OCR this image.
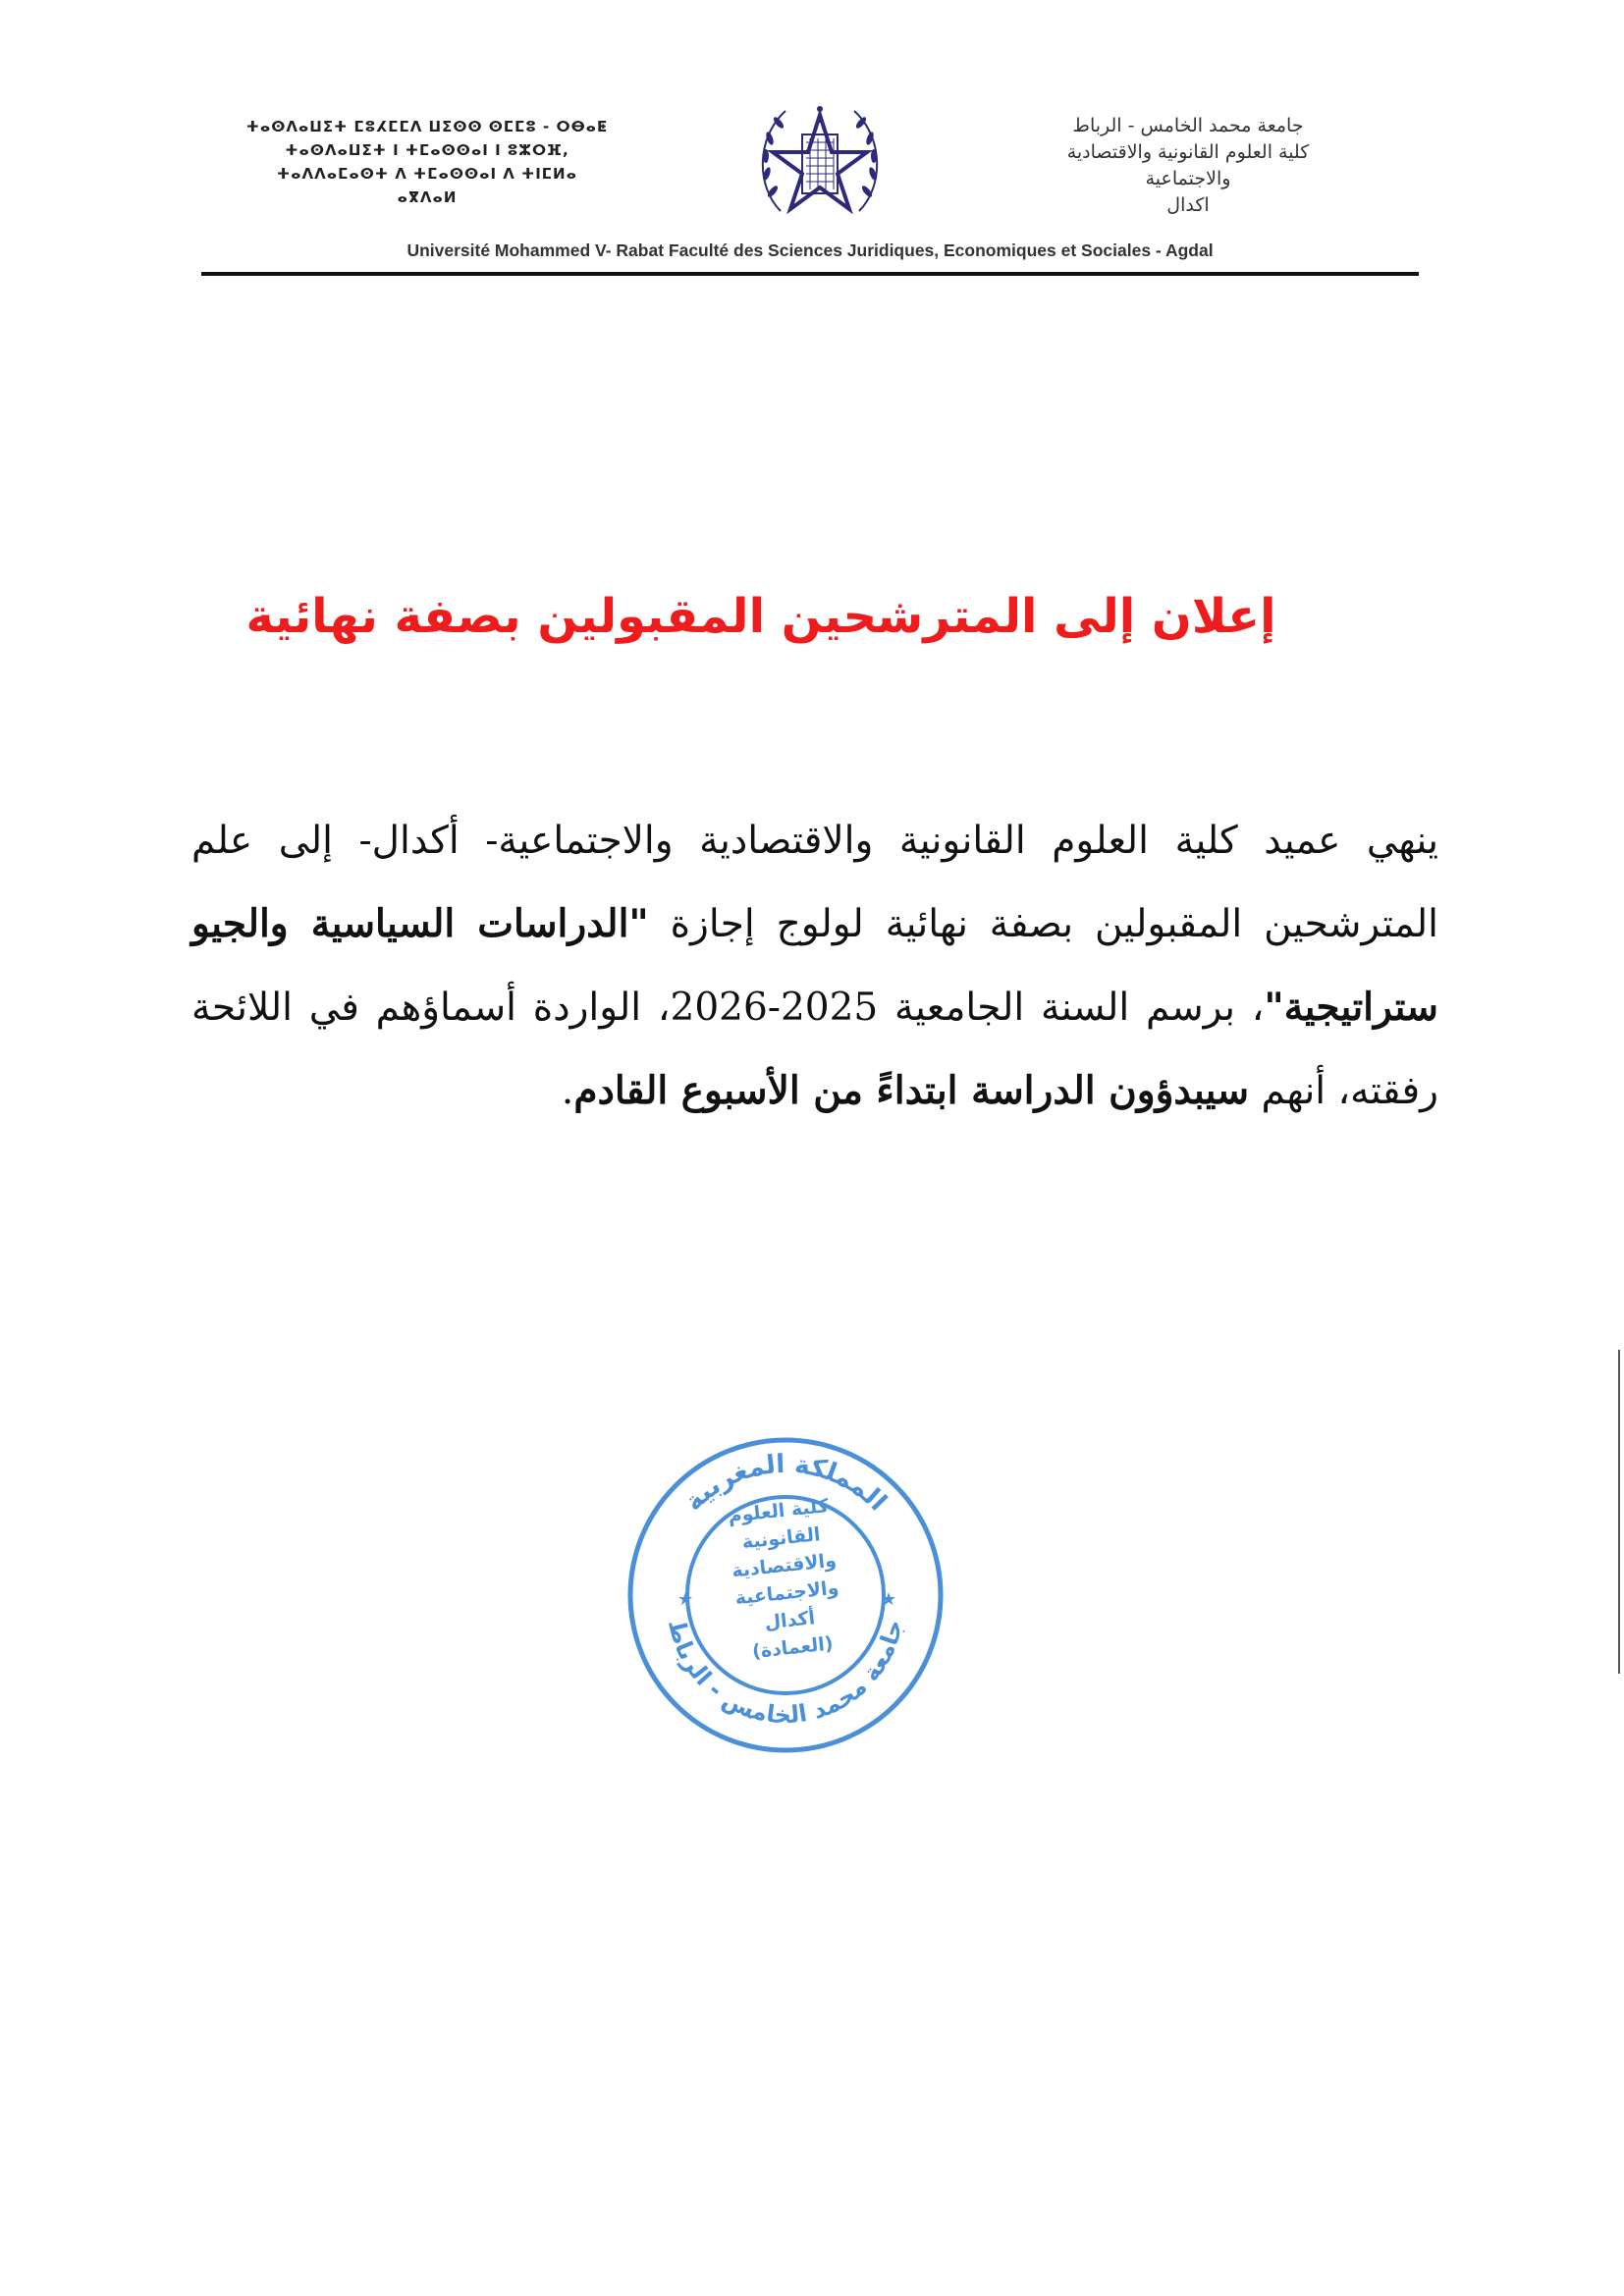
ⵜⴰⵙⴷⴰⵡⵉⵜ ⵎⵓⵃⵎⵎⴷ ⵡⵉⵙⵙ ⵙⵎⵎⵓ - ⵔⴱⴰⵟ
ⵜⴰⵙⴷⴰⵡⵉⵜ ⵏ ⵜⵎⴰⵙⵙⴰⵏ ⵏ ⵓⵣⵔⴼ,
ⵜⴰⴷⴷⴰⵎⴰⵙⵜ ⴷ ⵜⵎⴰⵙⵙⴰⵏ ⴷ ⵜⵏⵎⵍⴰ
ⴰⴳⴷⴰⵍ
جامعة محمد الخامس - الرباط
كلية العلوم القانونية والاقتصادية
والاجتماعية
اكدال
Université Mohammed V- Rabat Faculté des Sciences Juridiques, Economiques et Sociales - Agdal
إعلان إلى المترشحين المقبولين بصفة نهائية
ينهي عميد كلية العلوم القانونية والاقتصادية والاجتماعية- أكدال- إلى علم المترشحين المقبولين بصفة نهائية لولوج إجازة "الدراسات السياسية والجيو ستراتيجية"، برسم السنة الجامعية 2025-2026، الواردة أسماؤهم في اللائحة رفقته، أنهم سيبدؤون الدراسة ابتداءً من الأسبوع القادم.
المملكة المغربية
جامعة محمد الخامس - الرباط
★	★
كلية العلوم
القانونية
والاقتصادية
والاجتماعية
أكدال
(العمادة)
